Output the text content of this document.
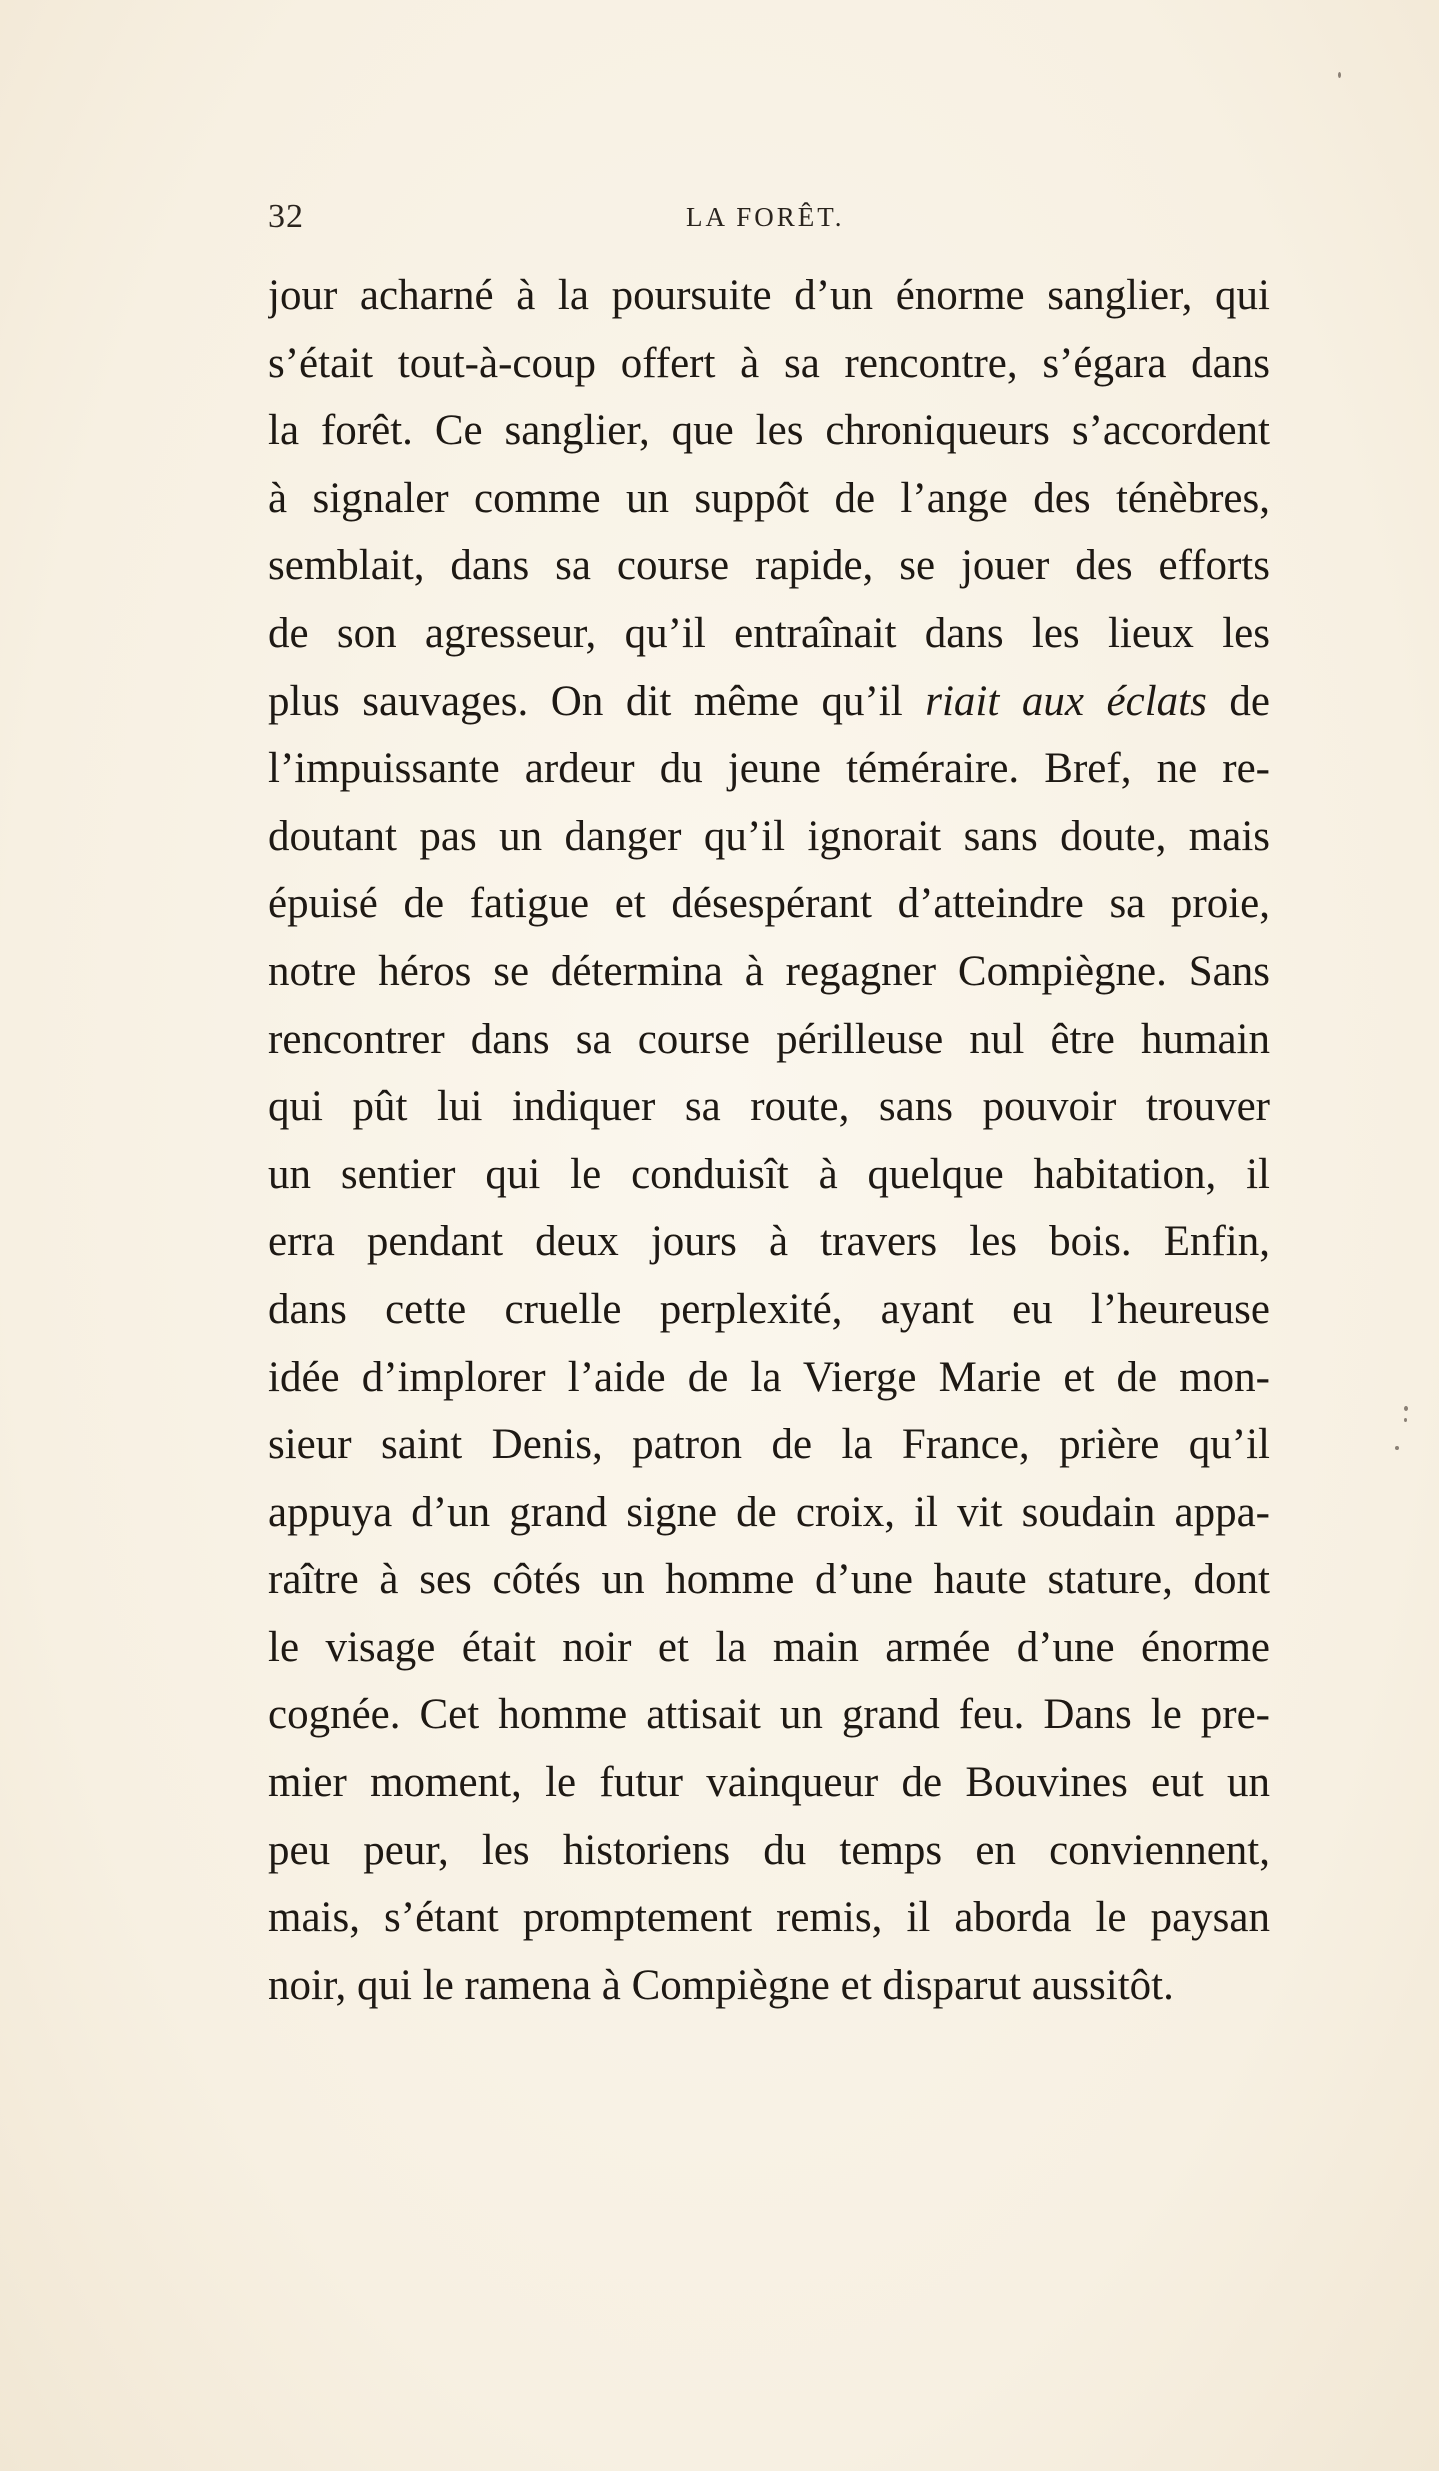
32	LA FORÊT.
jour acharné à la poursuite d’un énorme sanglier, qui
s’était tout-à-coup offert à sa rencontre, s’égara dans
la forêt. Ce sanglier, que les chroniqueurs s’accordent
à signaler comme un suppôt de l’ange des ténèbres,
semblait, dans sa course rapide, se jouer des efforts
de son agresseur, qu’il entraînait dans les lieux les
plus sauvages. On dit même qu’il riait aux éclats de
l’impuissante ardeur du jeune téméraire. Bref, ne re-
doutant pas un danger qu’il ignorait sans doute, mais
épuisé de fatigue et désespérant d’atteindre sa proie,
notre héros se détermina à regagner Compiègne. Sans
rencontrer dans sa course périlleuse nul être humain
qui pût lui indiquer sa route, sans pouvoir trouver
un sentier qui le conduisît à quelque habitation, il
erra pendant deux jours à travers les bois. Enfin,
dans cette cruelle perplexité, ayant eu l’heureuse
idée d’implorer l’aide de la Vierge Marie et de mon-
sieur saint Denis, patron de la France, prière qu’il
appuya d’un grand signe de croix, il vit soudain appa-
raître à ses côtés un homme d’une haute stature, dont
le visage était noir et la main armée d’une énorme
cognée. Cet homme attisait un grand feu. Dans le pre-
mier moment, le futur vainqueur de Bouvines eut un
peu peur, les historiens du temps en conviennent,
mais, s’étant promptement remis, il aborda le paysan
noir, qui le ramena à Compiègne et disparut aussitôt.
